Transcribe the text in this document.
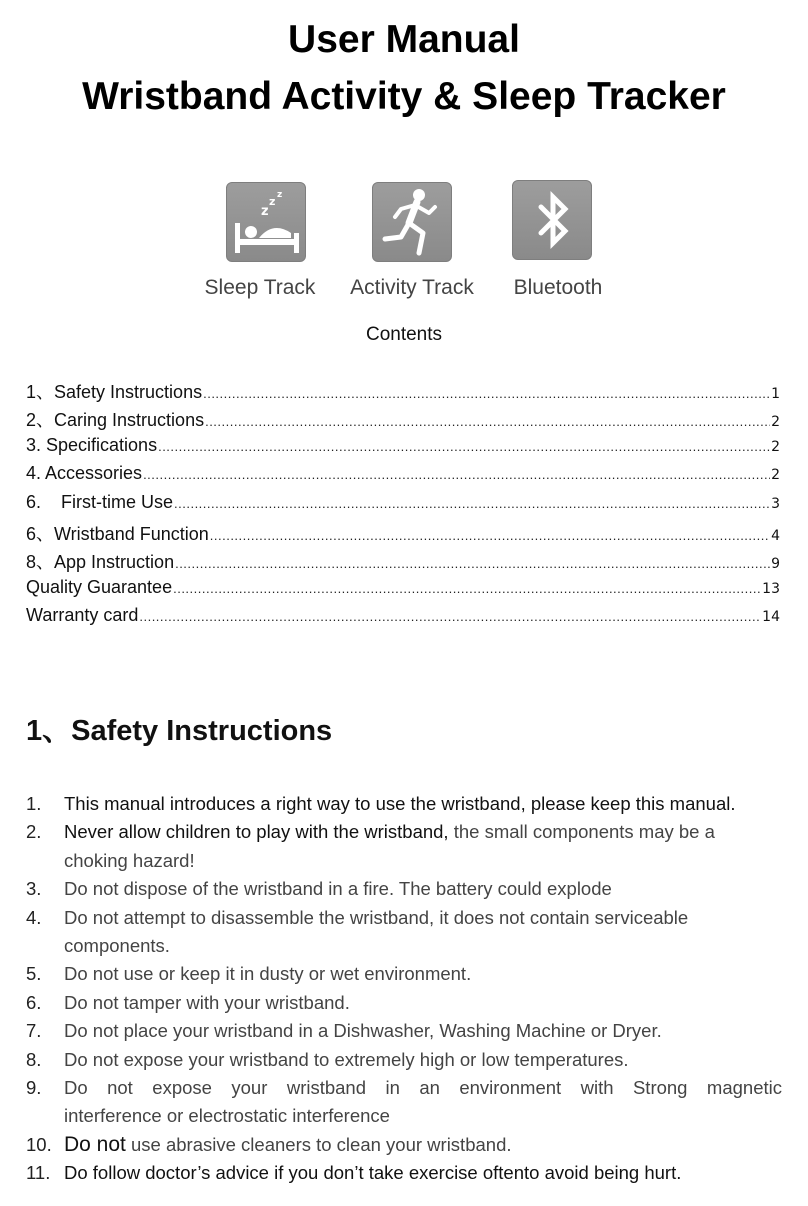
User Manual
Wristband Activity & Sleep Tracker
z z
z
Sleep Track	Activity Track	Bluetooth
Contents
1、Safety Instructions .....	1
2、Caring Instructions .....	2
3. Specifications .....	2
4. Accessories .....	2
6.    First-time Use .....	3
6、Wristband Function .....	4
8、App Instruction .....	9
Quality Guarantee .....	13
Warranty card .....	14
1、Safety Instructions
1.	This manual introduces a right way to use the wristband, please keep this manual.
2.	Never allow children to play with the wristband, the small components may be a
choking hazard!
3.	Do not dispose of the wristband in a fire. The battery could explode
4.	Do not attempt to disassemble the wristband, it does not contain serviceable
components.
5.	Do not use or keep it in dusty or wet environment.
6.	Do not tamper with your wristband.
7.	Do not place your wristband in a Dishwasher, Washing Machine or Dryer.
8.	Do not expose your wristband to extremely high or low temperatures.
9.	Do not expose your wristband in an environment with Strong magnetic
interference or electrostatic interference
10. Do not use abrasive cleaners to clean your wristband.
11. Do follow doctor’s advice if you don’t take exercise oftento avoid being hurt.
